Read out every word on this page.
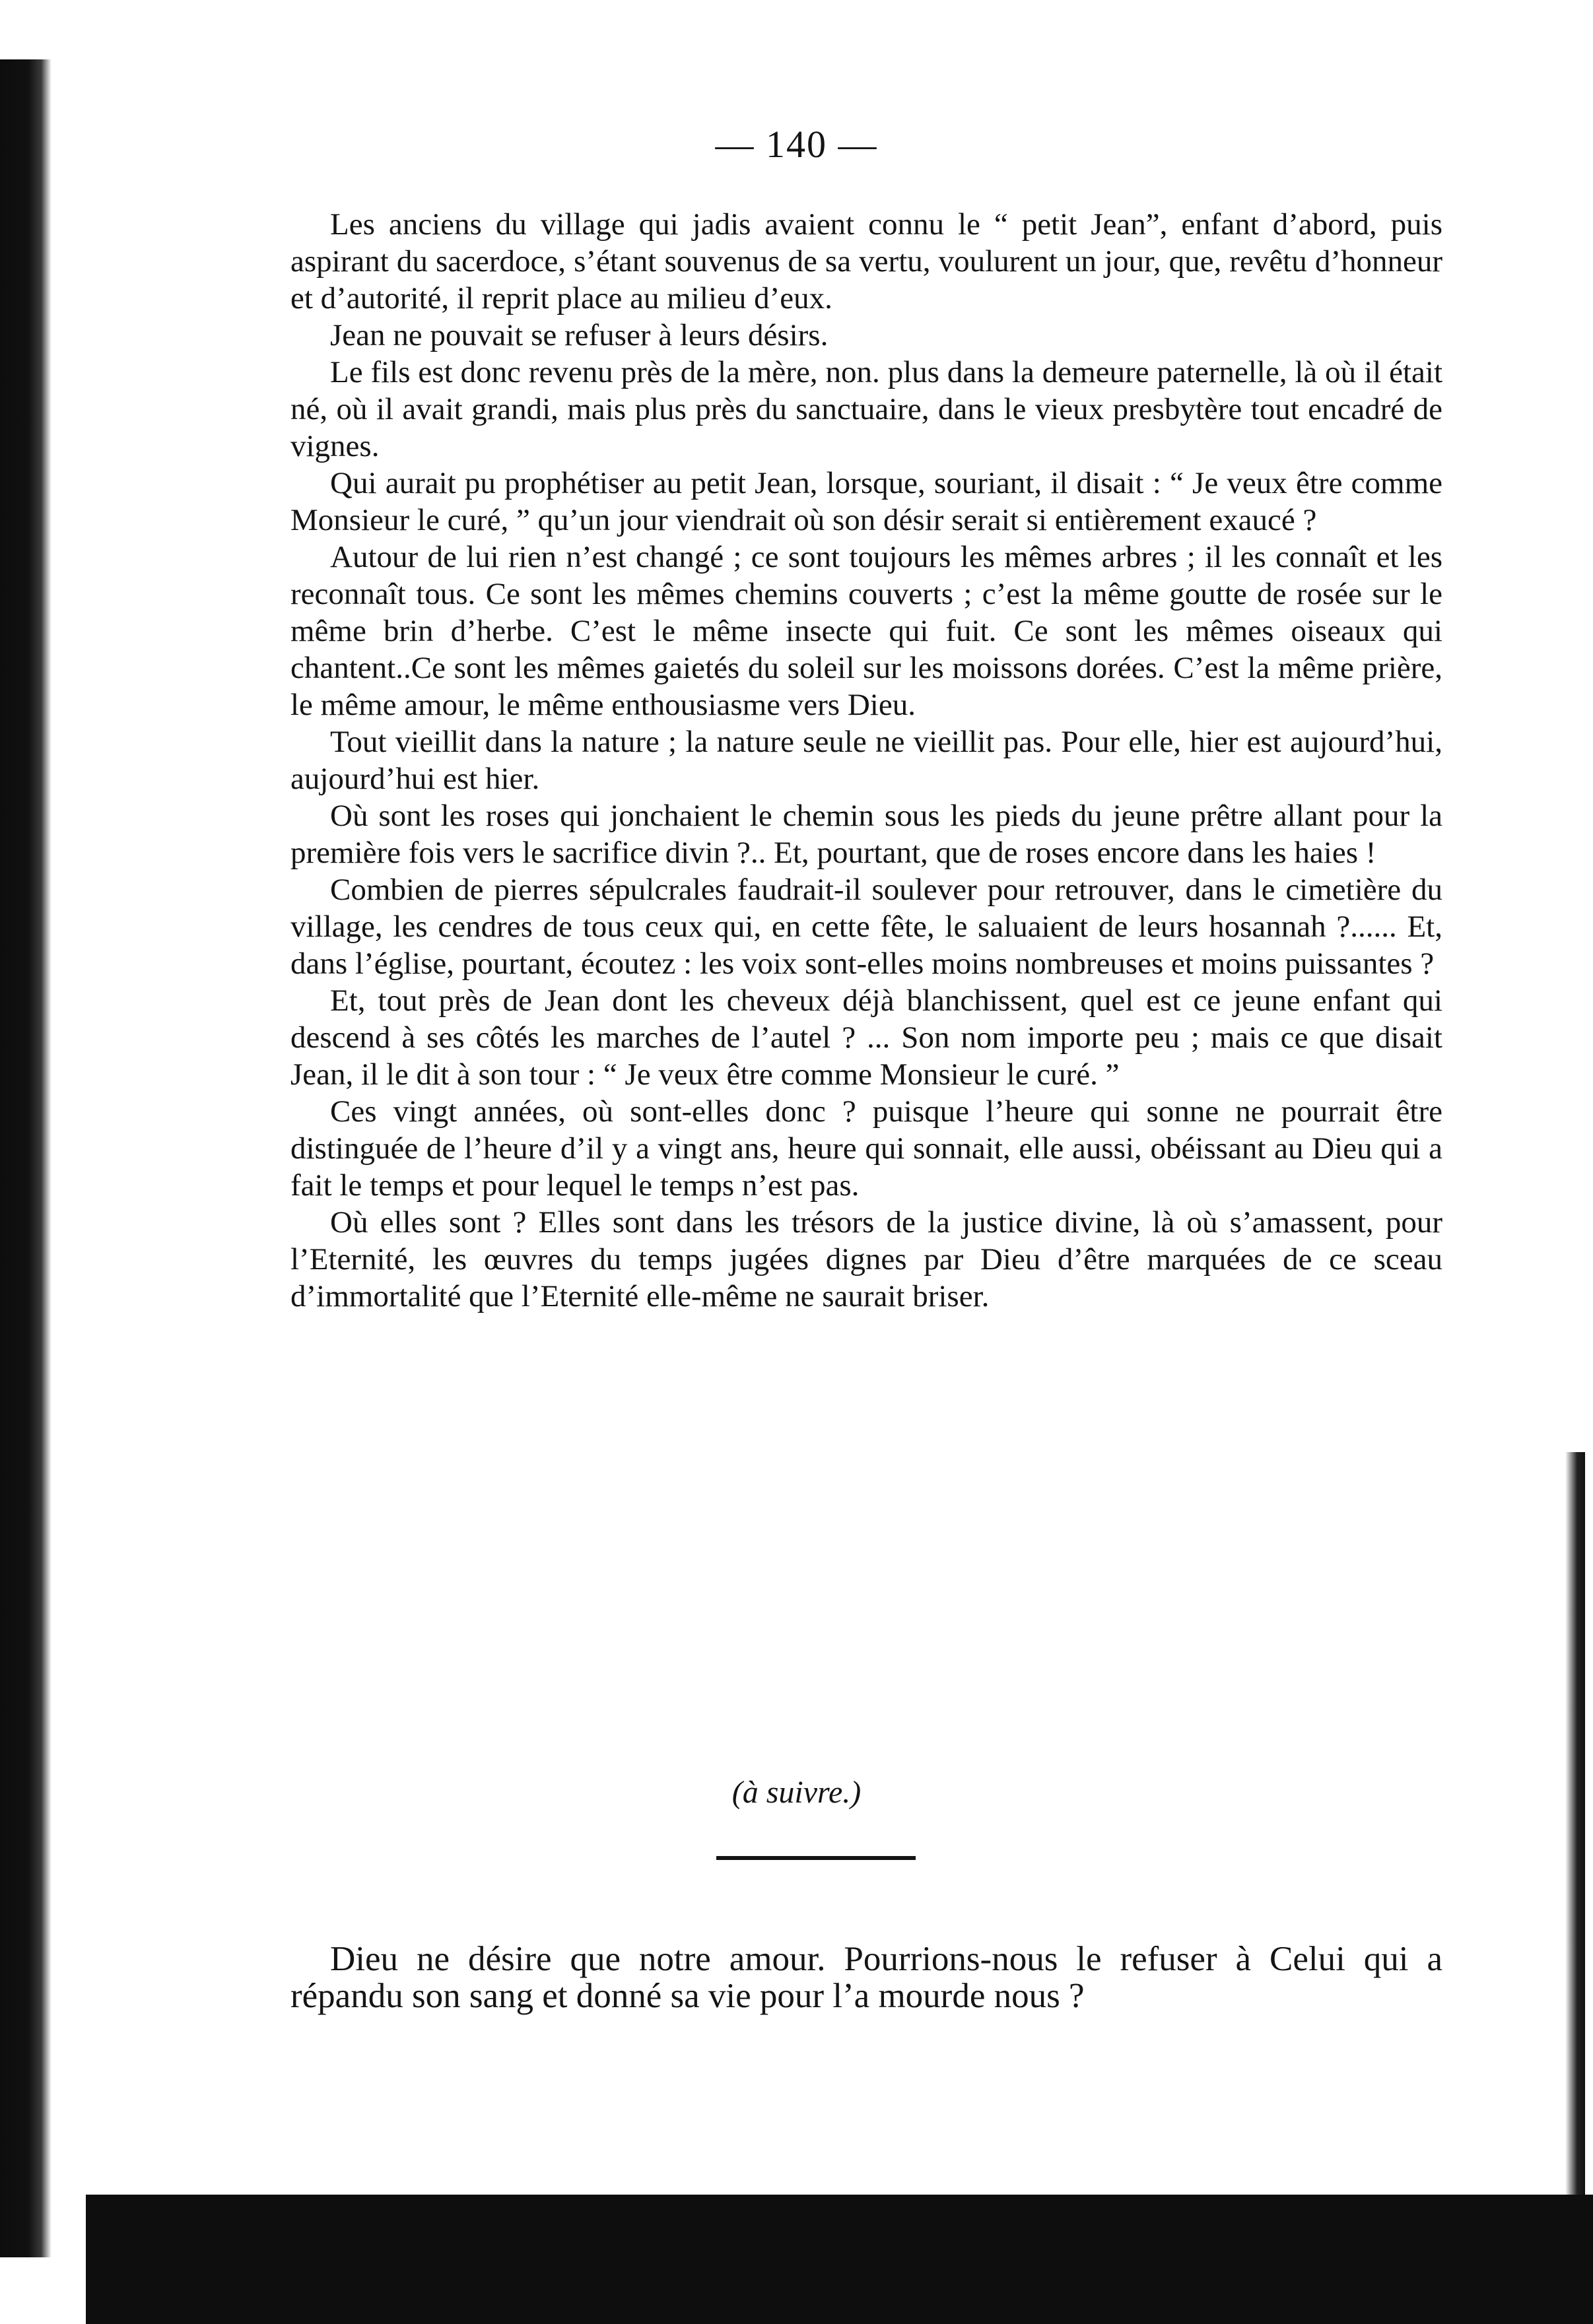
— 140 —

Les anciens du village qui jadis avaient connu le “ petit Jean”, enfant d’abord, puis aspirant du sacerdoce, s’étant souvenus de sa vertu, voulurent un jour, que, revêtu d’honneur et d’autorité, il reprit place au milieu d’eux.

Jean ne pouvait se refuser à leurs désirs.

Le fils est donc revenu près de la mère, non. plus dans la demeure paternelle, là où il était né, où il avait grandi, mais plus près du sanctuaire, dans le vieux presbytère tout encadré de vignes.

Qui aurait pu prophétiser au petit Jean, lorsque, souriant, il disait : “ Je veux être comme Monsieur le curé, ” qu’un jour viendrait où son désir serait si entièrement exaucé ?

Autour de lui rien n’est changé ; ce sont toujours les mêmes arbres ; il les connaît et les reconnaît tous. Ce sont les mêmes chemins couverts ; c’est la même goutte de rosée sur le même brin d’herbe. C’est le même insecte qui fuit. Ce sont les mêmes oiseaux qui chantent..Ce sont les mêmes gaietés du soleil sur les moissons dorées. C’est la même prière, le même amour, le même enthousiasme vers Dieu.

Tout vieillit dans la nature ; la nature seule ne vieillit pas. Pour elle, hier est aujourd’hui, aujourd’hui est hier.

Où sont les roses qui jonchaient le chemin sous les pieds du jeune prêtre allant pour la première fois vers le sacrifice divin ?.. Et, pourtant, que de roses encore dans les haies !

Combien de pierres sépulcrales faudrait-il soulever pour retrouver, dans le cimetière du village, les cendres de tous ceux qui, en cette fête, le saluaient de leurs hosannah ?...... Et, dans l’église, pourtant, écoutez : les voix sont-elles moins nombreuses et moins puissantes ?

Et, tout près de Jean dont les cheveux déjà blanchissent, quel est ce jeune enfant qui descend à ses côtés les marches de l’autel ? ... Son nom importe peu ; mais ce que disait Jean, il le dit à son tour : “ Je veux être comme Monsieur le curé. ”

Ces vingt années, où sont-elles donc ? puisque l’heure qui sonne ne pourrait être distinguée de l’heure d’il y a vingt ans, heure qui sonnait, elle aussi, obéissant au Dieu qui a fait le temps et pour lequel le temps n’est pas.

Où elles sont ? Elles sont dans les trésors de la justice divine, là où s’amassent, pour l’Eternité, les œuvres du temps jugées dignes par Dieu d’être marquées de ce sceau d’immortalité que l’Eternité elle-même ne saurait briser.

(à suivre.)

Dieu ne désire que notre amour. Pourrions-nous le refuser à Celui qui a répandu son sang et donné sa vie pour l’a mourde nous ?
